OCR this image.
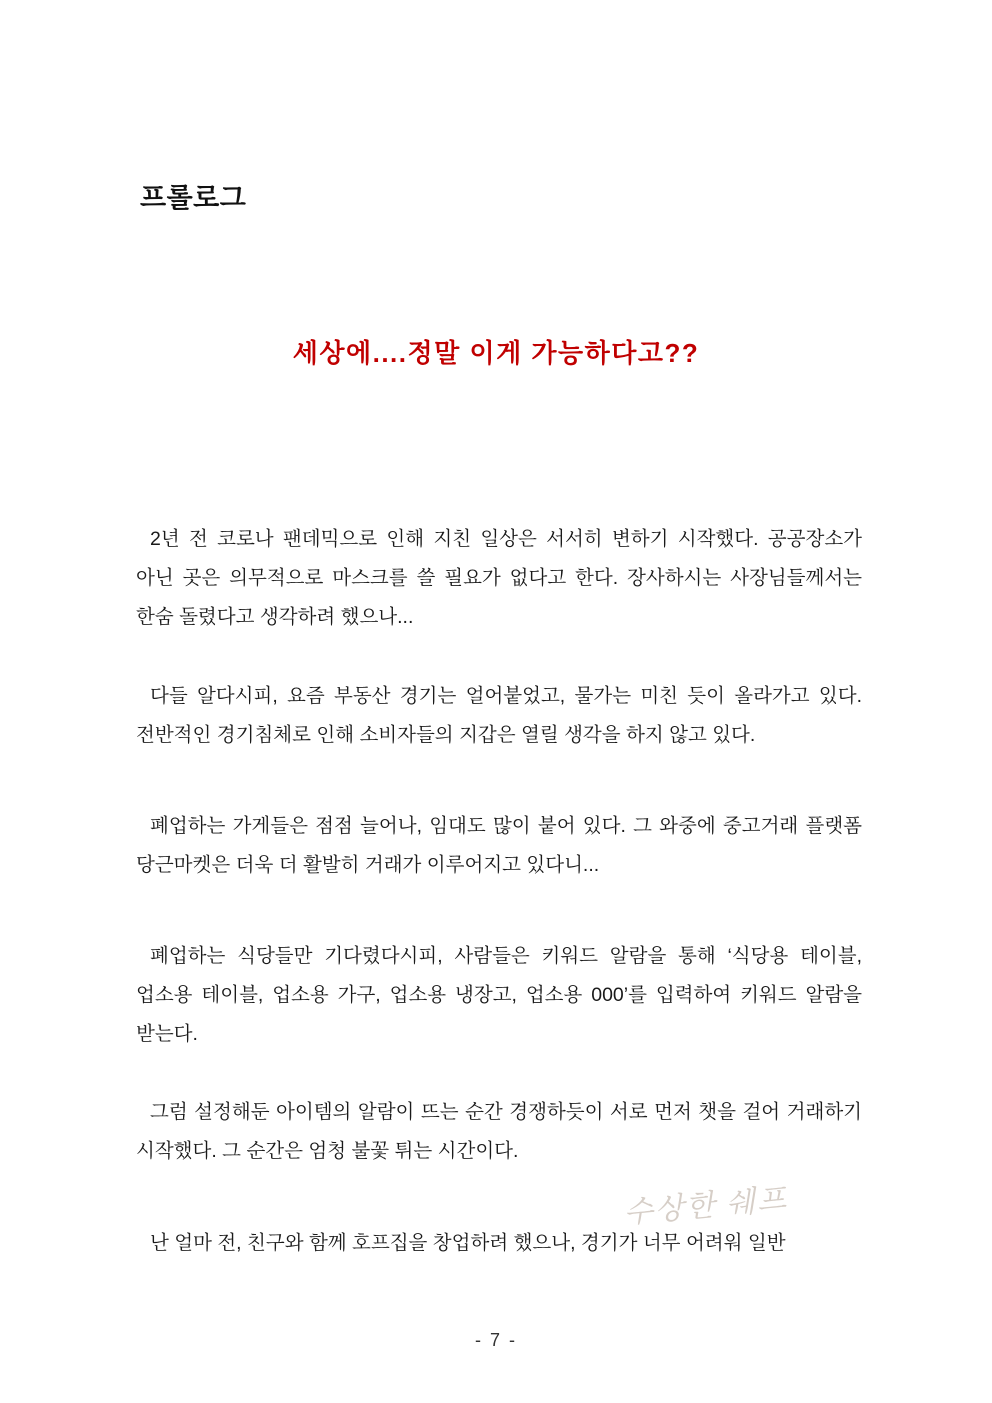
프롤로그
세상에....정말 이게 가능하다고??

2년 전 코로나 팬데믹으로 인해 지친 일상은 서서히 변하기 시작했다. 공공장소가 아닌 곳은 의무적으로 마스크를 쓸 필요가 없다고 한다. 장사하시는 사장님들께서는 한숨 돌렸다고 생각하려 했으나...

다들 알다시피, 요즘 부동산 경기는 얼어붙었고, 물가는 미친 듯이 올라가고 있다. 전반적인 경기침체로 인해 소비자들의 지갑은 열릴 생각을 하지 않고 있다.

폐업하는 가게들은 점점 늘어나, 임대도 많이 붙어 있다. 그 와중에 중고거래 플랫폼 당근마켓은 더욱 더 활발히 거래가 이루어지고 있다니...

폐업하는 식당들만 기다렸다시피, 사람들은 키워드 알람을 통해 ‘식당용 테이블, 업소용 테이블, 업소용 가구, 업소용 냉장고, 업소용 000’를 입력하여 키워드 알람을 받는다.

그럼 설정해둔 아이템의 알람이 뜨는 순간 경쟁하듯이 서로 먼저 챗을 걸어 거래하기 시작했다. 그 순간은 엄청 불꽃 튀는 시간이다.

난 얼마 전, 친구와 함께 호프집을 창업하려 했으나, 경기가 너무 어려워 일반

수상한 쉐프
- 7 -
